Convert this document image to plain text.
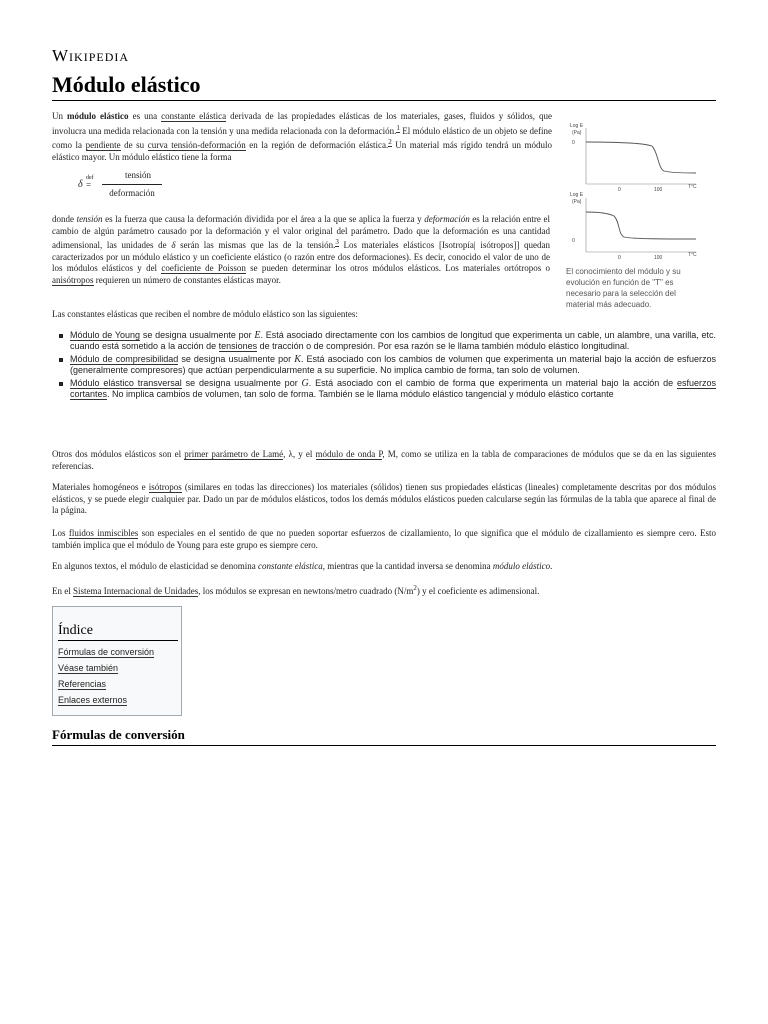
Wikipedia
Módulo elástico
Un módulo elástico es una constante elástica derivada de las propiedades elásticas de los materiales, gases, fluidos y sólidos, que involucra una medida relacionada con la tensión y una medida relacionada con la deformación.$^1$ El módulo elástico de un objeto se define como la pendiente de su curva tensión-deformación en la región de deformación elástica.$^2$ Un material más rígido tendrá un módulo elástico mayor. Un módulo elástico tiene la forma
δ
def
=
tensión
deformación
donde tensión es la fuerza que causa la deformación dividida por el área a la que se aplica la fuerza y deformación es la relación entre el cambio de algún parámetro causado por la deformación y el valor original del parámetro. Dado que la deformación es una cantidad adimensional, las unidades de δ serán las mismas que las de la tensión.$^3$ Los materiales elásticos [Isotropía| isótropos]] quedan caracterizados por un módulo elástico y un coeficiente elástico (o razón entre dos deformaciones). Es decir, conocido el valor de uno de los módulos elásticos y del coeficiente de Poisson se pueden determinar los otros módulos elásticos. Los materiales ortótropos o anisótropos requieren un número de constantes elásticas mayor.
Log E
(Pa)
0
0	100	T°C
Log E
(Pa)
0
0	100	T°C
El conocimiento del módulo y su evolución en función de "T" es necesario para la selección del material más adecuado.
Las constantes elásticas que reciben el nombre de módulo elástico son las siguientes:
Módulo de Young se designa usualmente por E. Está asociado directamente con los cambios de longitud que experimenta un cable, un alambre, una varilla, etc. cuando está sometido a la acción de tensiones de tracción o de compresión. Por esa razón se le llama también módulo elástico longitudinal.
Módulo de compresibilidad se designa usualmente por K. Está asociado con los cambios de volumen que experimenta un material bajo la acción de esfuerzos (generalmente compresores) que actúan perpendicularmente a su superficie. No implica cambio de forma, tan solo de volumen.
Módulo elástico transversal se designa usualmente por G. Está asociado con el cambio de forma que experimenta un material bajo la acción de esfuerzos cortantes. No implica cambios de volumen, tan solo de forma. También se le llama módulo elástico tangencial y módulo elástico cortante
Otros dos módulos elásticos son el primer parámetro de Lamé, λ, y el módulo de onda P, M, como se utiliza en la tabla de comparaciones de módulos que se da en las siguientes referencias.
Materiales homogéneos e isótropos (similares en todas las direcciones) los materiales (sólidos) tienen sus propiedades elásticas (lineales) completamente descritas por dos módulos elásticos, y se puede elegir cualquier par. Dado un par de módulos elásticos, todos los demás módulos elásticos pueden calcularse según las fórmulas de la tabla que aparece al final de la página.
Los fluidos inmiscibles son especiales en el sentido de que no pueden soportar esfuerzos de cizallamiento, lo que significa que el módulo de cizallamiento es siempre cero. Esto también implica que el módulo de Young para este grupo es siempre cero.
En algunos textos, el módulo de elasticidad se denomina constante elástica, mientras que la cantidad inversa se denomina módulo elástico.
En el Sistema Internacional de Unidades, los módulos se expresan en newtons/metro cuadrado $(N/m^2)$ y el coeficiente es adimensional.
Índice
Fórmulas de conversión
Véase también
Referencias
Enlaces externos
Fórmulas de conversión
